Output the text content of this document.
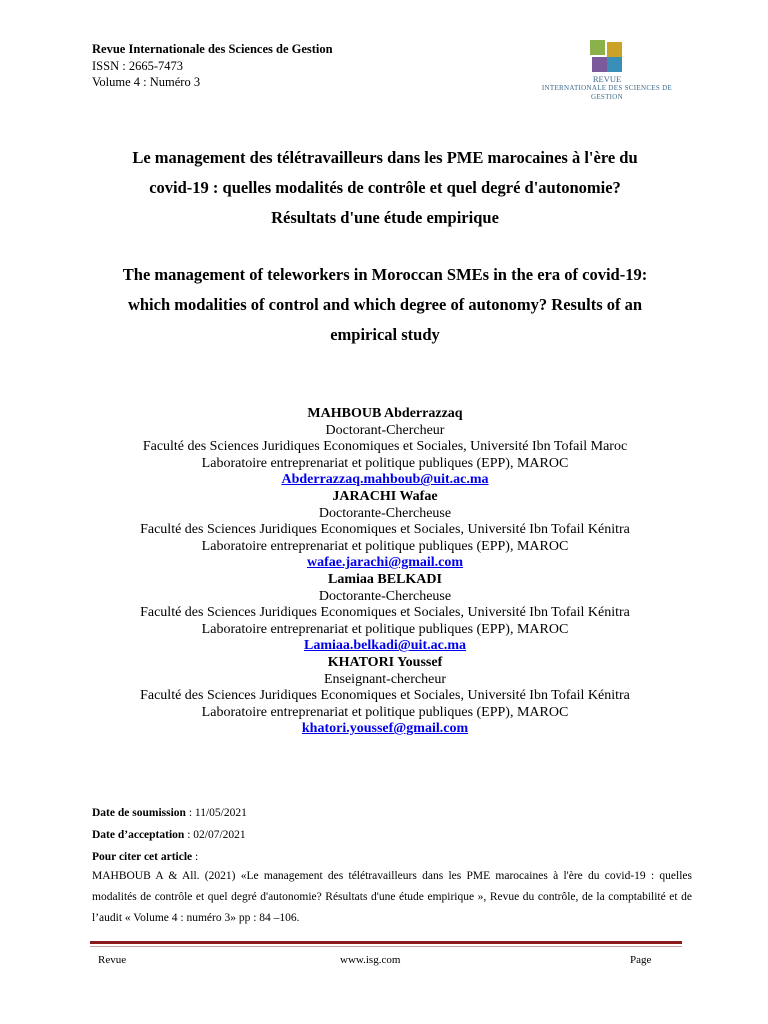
Revue Internationale des Sciences de Gestion
ISSN : 2665-7473
Volume 4 : Numéro 3	REVUE
INTERNATIONALE DES SCIENCES DE GESTION
Le management des télétravailleurs dans les PME marocaines à l'ère du
covid-19 : quelles modalités de contrôle et quel degré d'autonomie?
Résultats d'une étude empirique
The management of teleworkers in Moroccan SMEs in the era of covid-19:
which modalities of control and which degree of autonomy? Results of an
empirical study
MAHBOUB Abderrazzaq
Doctorant-Chercheur
Faculté des Sciences Juridiques Economiques et Sociales, Université Ibn Tofail Maroc
Laboratoire entreprenariat et politique publiques (EPP), MAROC
Abderrazzaq.mahboub@uit.ac.ma
JARACHI Wafae
Doctorante-Chercheuse
Faculté des Sciences Juridiques Economiques et Sociales, Université Ibn Tofail Kénitra
Laboratoire entreprenariat et politique publiques (EPP), MAROC
wafae.jarachi@gmail.com
Lamiaa BELKADI
Doctorante-Chercheuse
Faculté des Sciences Juridiques Economiques et Sociales, Université Ibn Tofail Kénitra
Laboratoire entreprenariat et politique publiques (EPP), MAROC
Lamiaa.belkadi@uit.ac.ma
KHATORI Youssef
Enseignant-chercheur
Faculté des Sciences Juridiques Economiques et Sociales, Université Ibn Tofail Kénitra
Laboratoire entreprenariat et politique publiques (EPP), MAROC
khatori.youssef@gmail.com
Date de soumission : 11/05/2021
Date d’acceptation : 02/07/2021
Pour citer cet article :
MAHBOUB A & All. (2021) «Le management des télétravailleurs dans les PME marocaines à l'ère du covid-19 : quelles modalités de contrôle et quel degré d'autonomie? Résultats d'une étude empirique », Revue du contrôle, de la comptabilité et de l’audit « Volume 4 : numéro 3» pp : 84 –106.
Revue	www.isg.com	Page
